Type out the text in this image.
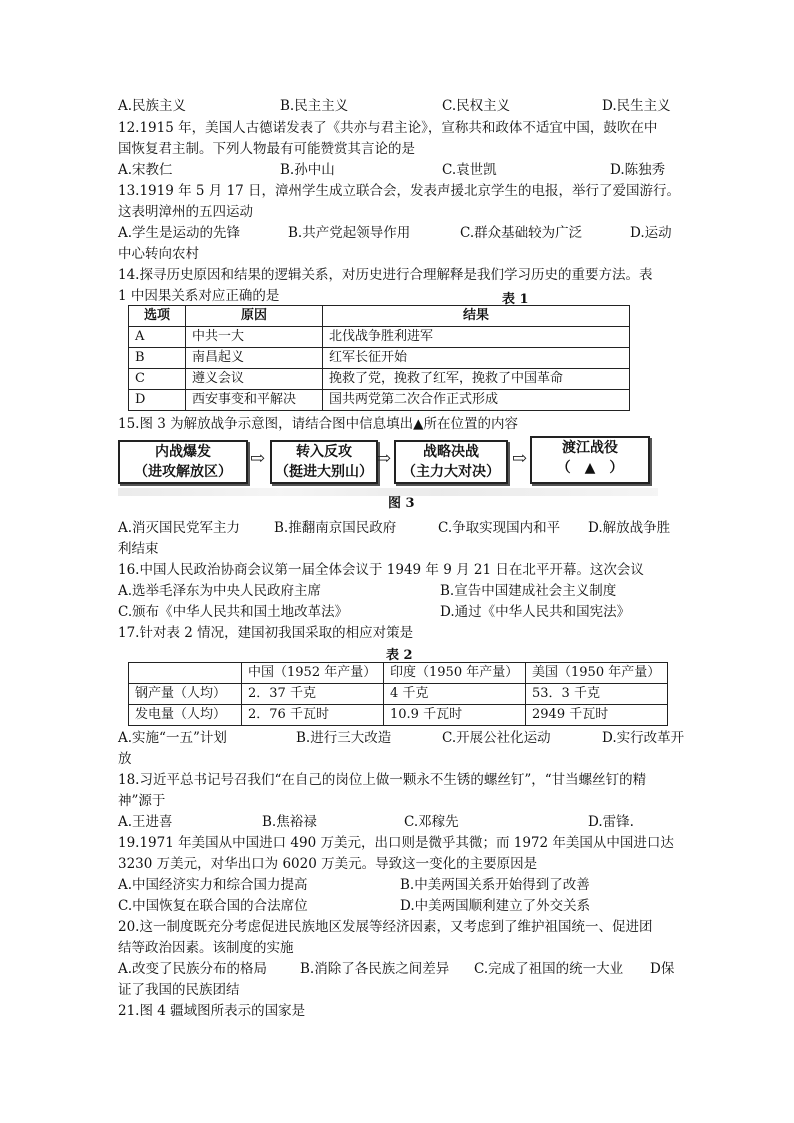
A.民族主义	B.民主主义	C.民权主义	D.民生主义
12.1915 年，美国人古德诺发表了《共亦与君主论》，宣称共和政体不适宜中国，鼓吹在中
国恢复君主制。下列人物最有可能赞赏其言论的是
A.宋教仁	B.孙中山	C.袁世凯	D.陈独秀
13.1919 年 5 月 17 日，漳州学生成立联合会，发表声援北京学生的电报，举行了爱国游行。
这表明漳州的五四运动
A.学生是运动的先锋	B.共产党起领导作用	C.群众基础较为广泛	D.运动
中心转向农村
14.探寻历史原因和结果的逻辑关系，对历史进行合理解释是我们学习历史的重要方法。表
1 中因果关系对应正确的是	表 1
选项	原因	结果
A	中共一大	北伐战争胜利进军
B	南昌起义	红军长征开始
C	遵义会议	挽救了党，挽救了红军，挽救了中国革命
D	西安事变和平解决	国共两党第二次合作正式形成
15.图 3 为解放战争示意图，请结合图中信息填出▲所在位置的内容
内战爆发
（进攻解放区）
⇨	转入反攻
（挺进大别山）
⇨	战略决战
（主力大对决）
⇨	渡江战役
（　▲　）
图 3
A.消灭国民党军主力	B.推翻南京国民政府	C.争取实现国内和平 D.解放战争胜
利结束
16.中国人民政治协商会议第一届全体会议于 1949 年 9 月 21 日在北平开幕。这次会议
A.选举毛泽东为中央人民政府主席	B.宣告中国建成社会主义制度
C.颁布《中华人民共和国土地改革法》	D.通过《中华人民共和国宪法》
17.针对表 2 情况，建国初我国采取的相应对策是
表 2
	中国（1952 年产量）	印度（1950 年产量）	美国（1950 年产量）
钢产量（人均）	2．37 千克	4 千克	53．3 千克
发电量（人均）	2．76 千瓦时	10.9 千瓦时	2949 千瓦时
A.实施“一五”计划	B.进行三大改造	C.开展公社化运动	D.实行改革开
放
18.习近平总书记号召我们“在自己的岗位上做一颗永不生锈的螺丝钉”，“甘当螺丝钉的精
神”源于
A.王进喜	B.焦裕禄	C.邓稼先	D.雷锋.
19.1971 年美国从中国进口 490 万美元，出口则是微乎其微；而 1972 年美国从中国进口达
3230 万美元，对华出口为 6020 万美元。导致这一变化的主要原因是
A.中国经济实力和综合国力提高	B.中美两国关系开始得到了改善
C.中国恢复在联合国的合法席位	D.中美两国顺利建立了外交关系
20.这一制度既充分考虑促进民族地区发展等经济因素，又考虑到了维护祖国统一、促进团
结等政治因素。该制度的实施
A.改变了民族分布的格局 B.消除了各民族之间差异 C.完成了祖国的统一大业 D保
证了我国的民族团结
21.图 4 疆域图所表示的国家是
